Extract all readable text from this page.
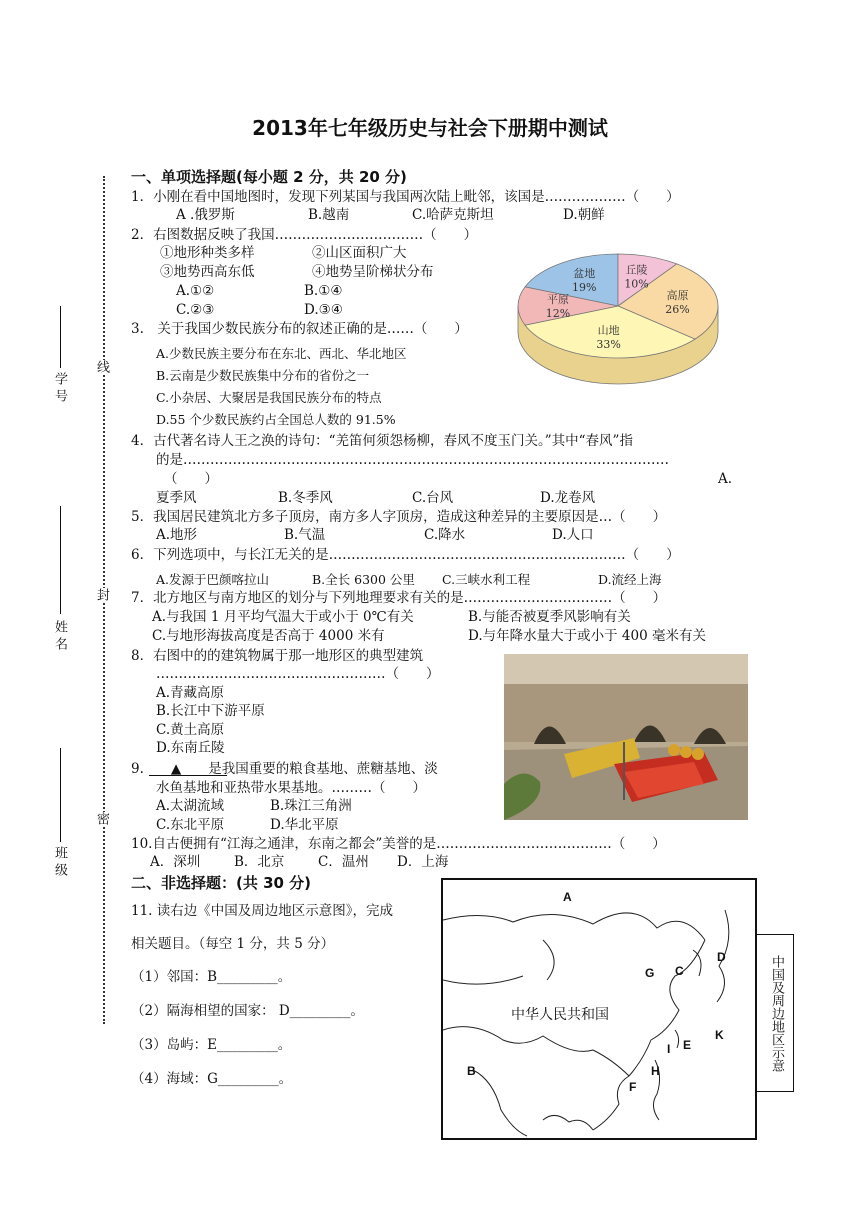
线
封
密
学 号
姓 名
班 级
2013年七年级历史与社会下册期中测试
一、单项选择题(每小题 2 分，共 20 分)
1．小刚在看中国地图时，发现下列某国与我国两次陆上毗邻，该国是………………（　　）
A .俄罗斯	B.越南	C.哈萨克斯坦	D.朝鲜
2．右图数据反映了我国……………………………（　　）
①地形种类多样	②山区面积广大
③地势西高东低	④地势呈阶梯状分布
A.①②	B.①④
C.②③	D.③④
盆地
19%
丘陵
10%
高原
26%
山地
33%
平原
12%
3.　关于我国少数民族分布的叙述正确的是……（　　）
A.少数民族主要分布在东北、西北、华北地区
B.云南是少数民族集中分布的省份之一
C.小杂居、大聚居是我国民族分布的特点
D.55 个少数民族约占全国总人数的 91.5%
4．古代著名诗人王之涣的诗句：“羌笛何须怨杨柳，春风不度玉门关。”其中“春风”指
的是………………………………………………………………………………………………
（　　）	A.
夏季风	B.冬季风	C.台风	D.龙卷风
5．我国居民建筑北方多子顶房，南方多人字顶房，造成这种差异的主要原因是…（　　）
A.地形	B.气温	C.降水	D.人口
6．下列选项中，与长江无关的是…………………………………………………………（　　）
A.发源于巴颜喀拉山	B.全长 6300 公里 C.三峡水利工程	D.流经上海
7．北方地区与南方地区的划分与下列地理要求有关的是……………………………（　　）
A.与我国 1 月平均气温大于或小于 0℃有关	B.与能否被夏季风影响有关
C.与地形海拔高度是否高于 4000 米有	D.与年降水量大于或小于 400 毫米有关
8．右图中的的建筑物属于那一地形区的典型建筑
……………………………………………（　　）
A.青藏高原
B.长江中下游平原
C.黄土高原
D.东南丘陵
9.　　▲　　是我国重要的粮食基地、蔗糖基地、淡
水鱼基地和亚热带水果基地。………（　　）
A.太湖流域	B.珠江三角洲
C.东北平原	D.华北平原
10.自古便拥有“江海之通津，东南之都会”美誉的是…………………………………（　　）
A．深圳	B．北京 C．温州 D．上海
二、非选择题：(共 30 分)
11. 读右边《中国及周边地区示意图》，完成
相关题目。（每空 1 分，共 5 分）
（1）邻国：B_________。
（2）隔海相望的国家： D_________。
（3）岛屿：E_________。
（4）海域：G_________。
中华人民共和国
A
B
C
D
E
F
G
H
I
K	中国及周边地区示意
